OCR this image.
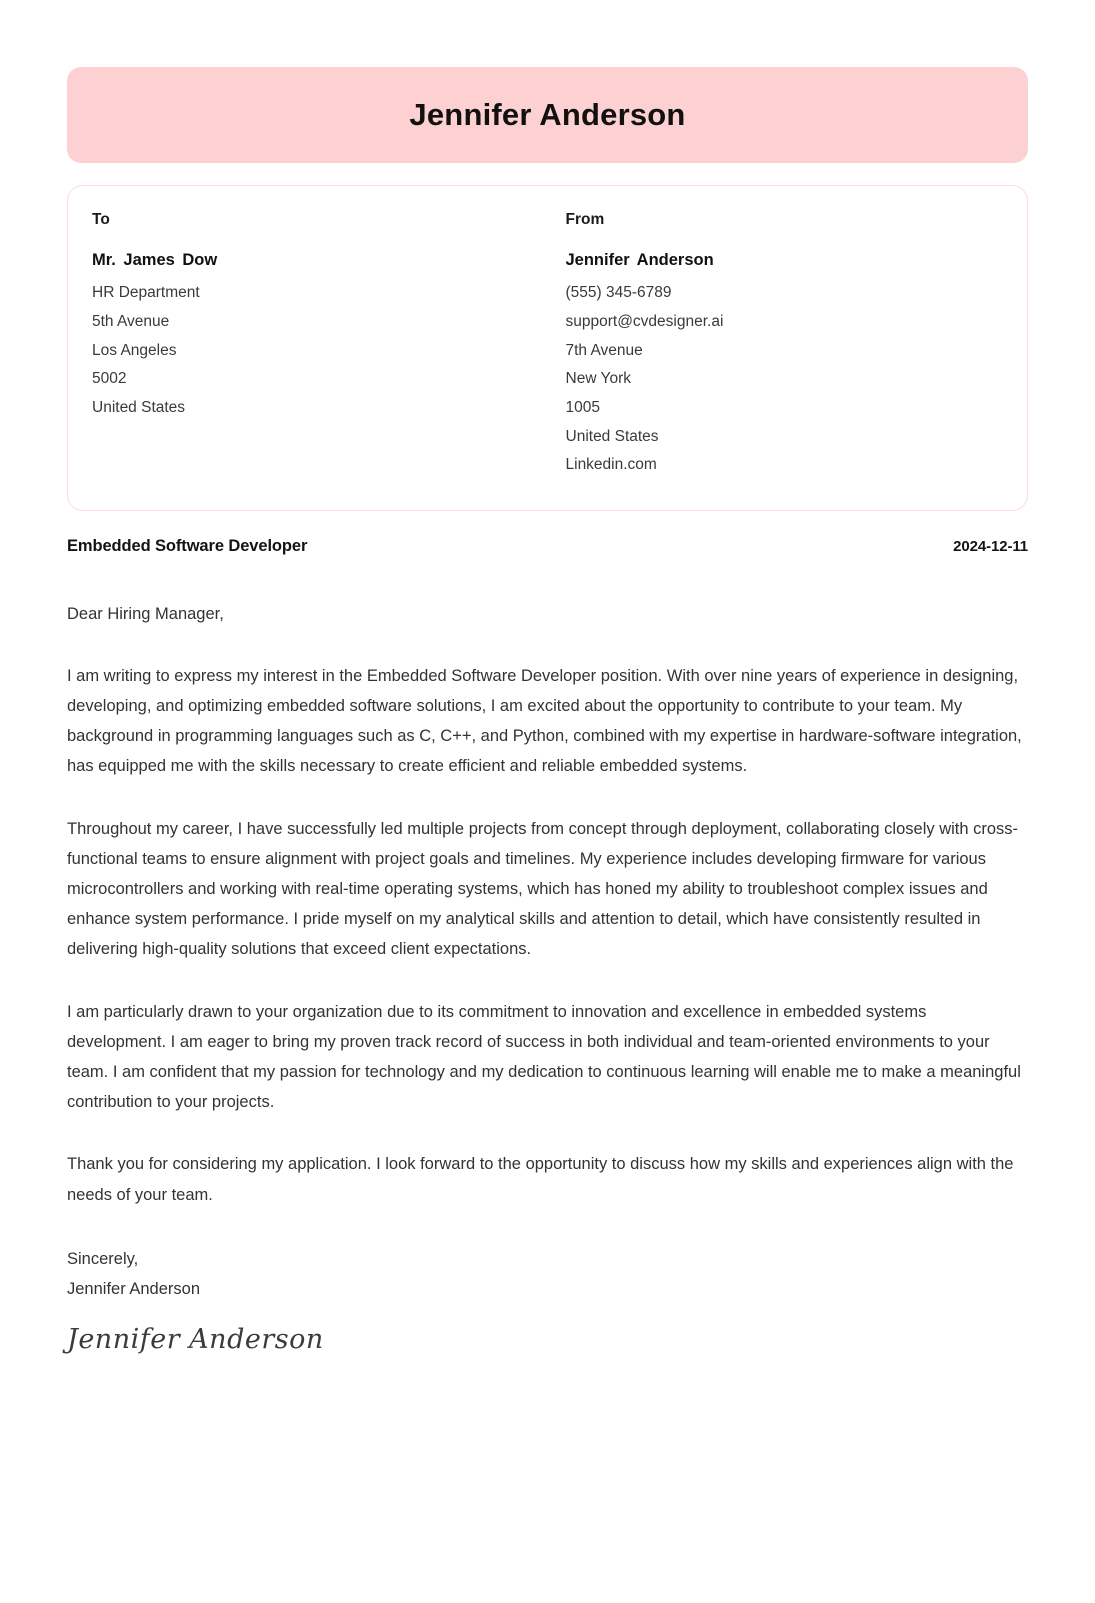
Jennifer Anderson
To
Mr. James Dow
HR Department
5th Avenue
Los Angeles
5002
United States
From
Jennifer Anderson
(555) 345-6789
support@cvdesigner.ai
7th Avenue
New York
1005
United States
Linkedin.com
Embedded Software Developer	2024-12-11
Dear Hiring Manager,

I am writing to express my interest in the Embedded Software Developer position. With over nine years of experience in designing, developing, and optimizing embedded software solutions, I am excited about the opportunity to contribute to your team. My background in programming languages such as C, C++, and Python, combined with my expertise in hardware-software integration, has equipped me with the skills necessary to create efficient and reliable embedded systems.

Throughout my career, I have successfully led multiple projects from concept through deployment, collaborating closely with cross-functional teams to ensure alignment with project goals and timelines. My experience includes developing firmware for various microcontrollers and working with real-time operating systems, which has honed my ability to troubleshoot complex issues and enhance system performance. I pride myself on my analytical skills and attention to detail, which have consistently resulted in delivering high-quality solutions that exceed client expectations.

I am particularly drawn to your organization due to its commitment to innovation and excellence in embedded systems development. I am eager to bring my proven track record of success in both individual and team-oriented environments to your team. I am confident that my passion for technology and my dedication to continuous learning will enable me to make a meaningful contribution to your projects.

Thank you for considering my application. I look forward to the opportunity to discuss how my skills and experiences align with the needs of your team.

Sincerely,
Jennifer Anderson
Jennifer Anderson
